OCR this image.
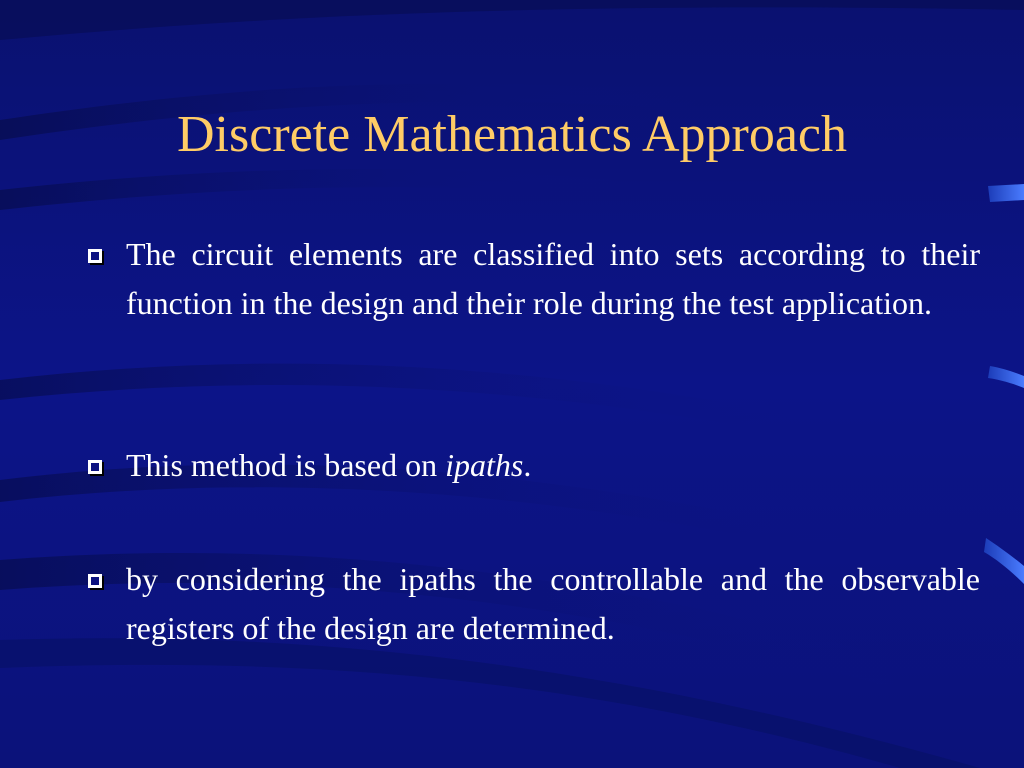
Discrete Mathematics Approach
The circuit elements are classified into sets according to their function in the design and their role during the test application.
This method is based on ipaths.
by considering the ipaths the controllable and the observable registers of the design are determined.
